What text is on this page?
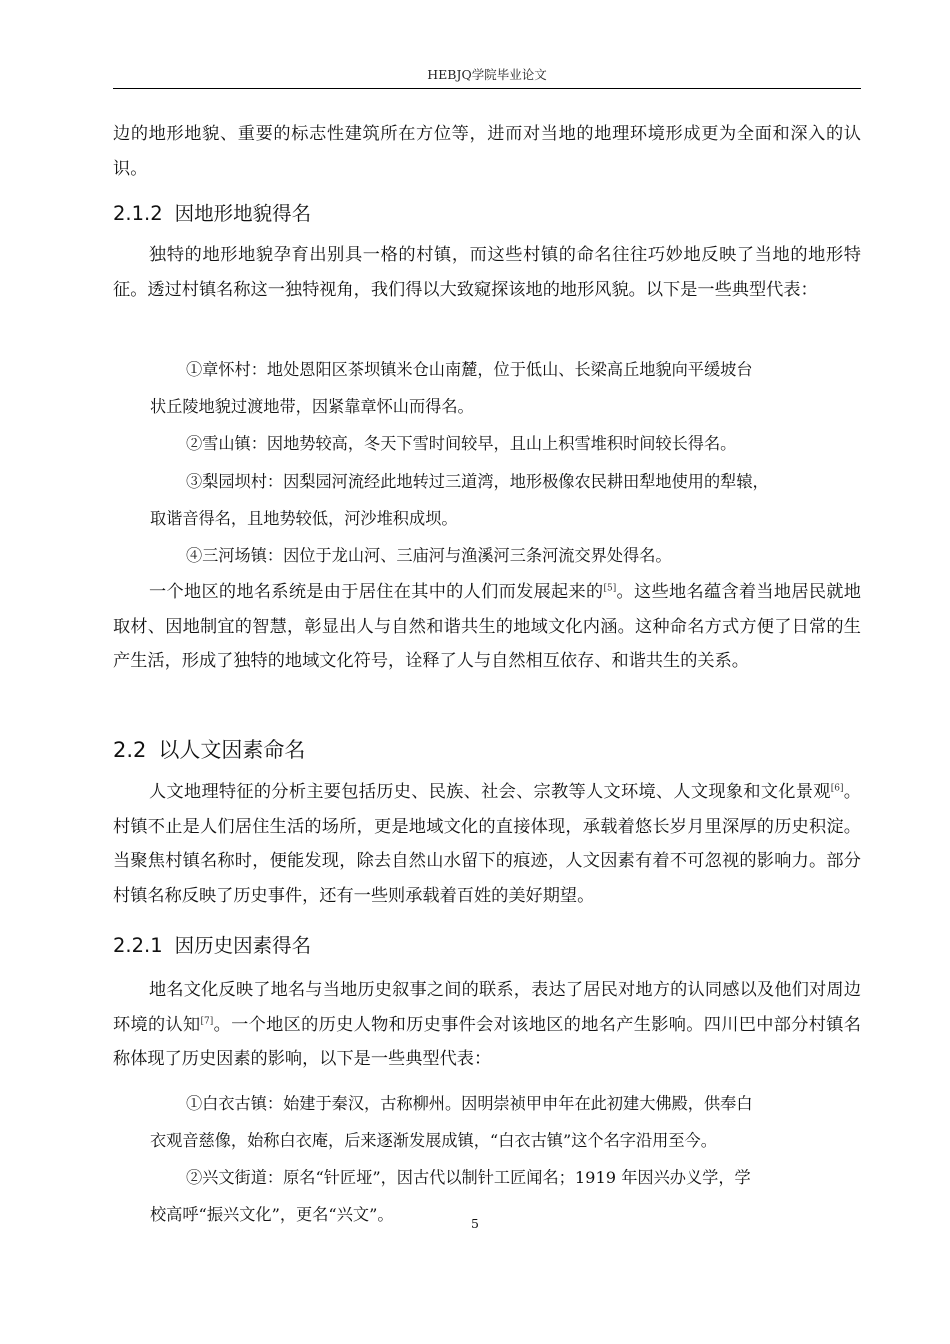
HEBJQ学院毕业论文

边的地形地貌、重要的标志性建筑所在方位等，进而对当地的地理环境形成更为全面和深入的认识。

2.1.2 因地形地貌得名

独特的地形地貌孕育出别具一格的村镇，而这些村镇的命名往往巧妙地反映了当地的地形特征。透过村镇名称这一独特视角，我们得以大致窥探该地的地形风貌。以下是一些典型代表：

①章怀村：地处恩阳区茶坝镇米仓山南麓，位于低山、长梁高丘地貌向平缓坡台
状丘陵地貌过渡地带，因紧靠章怀山而得名。
②雪山镇：因地势较高，冬天下雪时间较早，且山上积雪堆积时间较长得名。
③梨园坝村：因梨园河流经此地转过三道湾，地形极像农民耕田犁地使用的犁辕，
取谐音得名，且地势较低，河沙堆积成坝。
④三河场镇：因位于龙山河、三庙河与渔溪河三条河流交界处得名。

一个地区的地名系统是由于居住在其中的人们而发展起来的[5]。这些地名蕴含着当地居民就地取材、因地制宜的智慧，彰显出人与自然和谐共生的地域文化内涵。这种命名方式方便了日常的生产生活，形成了独特的地域文化符号，诠释了人与自然相互依存、和谐共生的关系。

2.2 以人文因素命名

人文地理特征的分析主要包括历史、民族、社会、宗教等人文环境、人文现象和文化景观[6]。村镇不止是人们居住生活的场所，更是地域文化的直接体现，承载着悠长岁月里深厚的历史积淀。当聚焦村镇名称时，便能发现，除去自然山水留下的痕迹，人文因素有着不可忽视的影响力。部分村镇名称反映了历史事件，还有一些则承载着百姓的美好期望。

2.2.1 因历史因素得名

地名文化反映了地名与当地历史叙事之间的联系，表达了居民对地方的认同感以及他们对周边环境的认知[7]。一个地区的历史人物和历史事件会对该地区的地名产生影响。四川巴中部分村镇名称体现了历史因素的影响，以下是一些典型代表：

①白衣古镇：始建于秦汉，古称柳州。因明崇祯甲申年在此初建大佛殿，供奉白
衣观音慈像，始称白衣庵，后来逐渐发展成镇，“白衣古镇”这个名字沿用至今。
②兴文街道：原名“针匠垭”，因古代以制针工匠闻名；1919 年因兴办义学，学
校高呼“振兴文化”，更名“兴文”。	5
